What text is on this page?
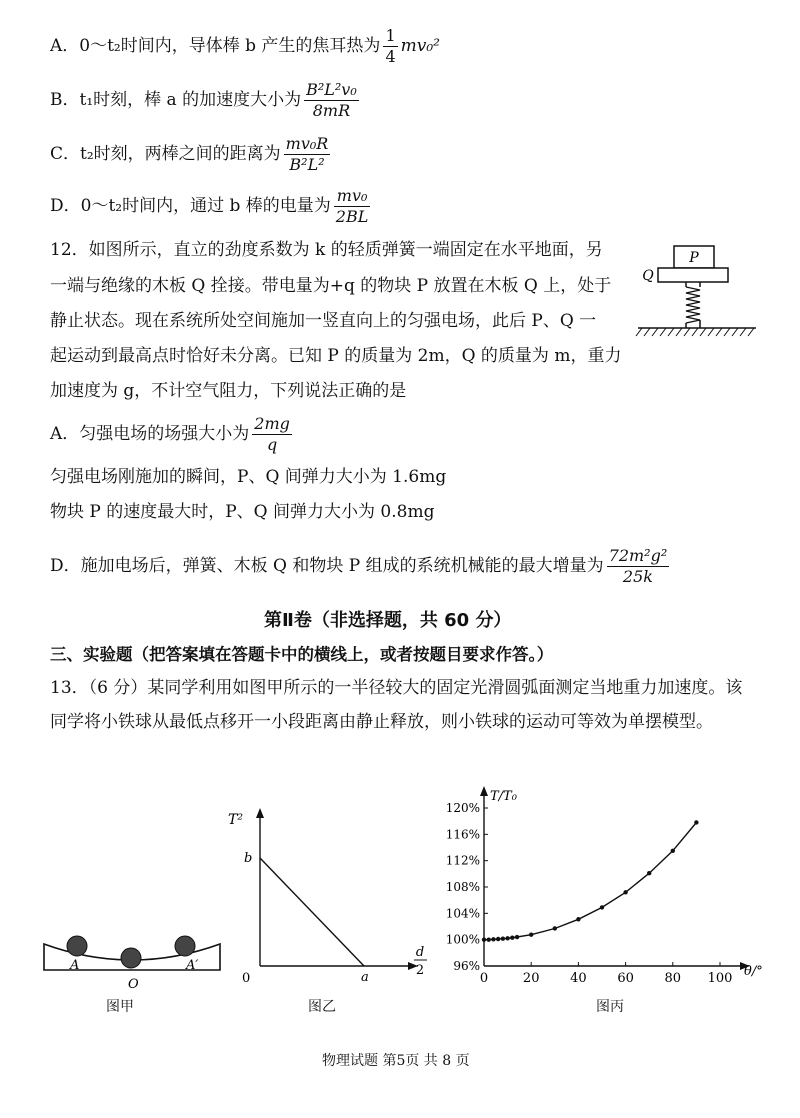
A．0～t₂时间内，导体棒 b 产生的焦耳热为 $\frac{1}{4} mv_0^2$
B．t₁时刻，棒 a 的加速度大小为 $\frac{\text{B²L²v₀}}{8mR}$
C．t₂时刻，两棒之间的距离为 $\frac{\text{mv₀R}}{\text{B²L²}}$
D．0～t₂时间内，通过 b 棒的电量为 $\frac{\text{mv₀}}{2BL}$
12．如图所示，直立的劲度系数为 k 的轻质弹簧一端固定在水平地面，另
一端与绝缘的木板 Q 拴接。带电量为+q 的物块 P 放置在木板 Q 上，处于
静止状态。现在系统所处空间施加一竖直向上的匀强电场，此后 P、Q 一
起运动到最高点时恰好未分离。已知 P 的质量为 2m，Q 的质量为 m，重力
加速度为 g，不计空气阻力，下列说法正确的是
P
Q
A．匀强电场的场强大小为 $\frac{2mg}{q}$
匀强电场刚施加的瞬间，P、Q 间弹力大小为 1.6mg
物块 P 的速度最大时，P、Q 间弹力大小为 0.8mg
D．施加电场后，弹簧、木板 Q 和物块 P 组成的系统机械能的最大增量为 $\frac{\text{72m²g²}}{25k}$
第Ⅱ卷（非选择题，共 60 分）
三、实验题（把答案填在答题卡中的横线上，或者按题目要求作答。）
13．（6 分）某同学利用如图甲所示的一半径较大的固定光滑圆弧面测定当地重力加速度。该
同学将小铁球从最低点移开一小段距离由静止释放，则小铁球的运动可等效为单摆模型。
A	A′
O
图甲
T²
b
a
0
d
2
图乙
T/T₀
θ/°
0	20 40 60 80 100
96%
100%
104%
108%
112%
116%
120%
图丙
物理试题 第5页 共 8 页
